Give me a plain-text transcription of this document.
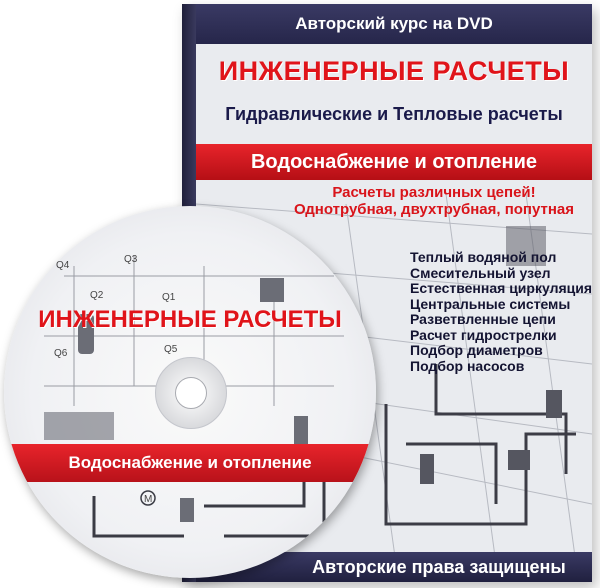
Авторский курс на DVD
ИНЖЕНЕРНЫЕ РАСЧЕТЫ
Гидравлические и Тепловые расчеты
Водоснабжение и отопление
Расчеты различных цепей!
Однотрубная, двухтрубная, попутная
Теплый водяной пол
Смесительный узел
Естественная циркуляция
Центральные системы
Разветвленные цепи
Расчет гидрострелки
Подбор диаметров
Подбор насосов
Авторские права защищены
Q4
Q3
Q2	Q1
Q6	Q5
M
ИНЖЕНЕРНЫЕ РАСЧЕТЫ
Водоснабжение и отопление
